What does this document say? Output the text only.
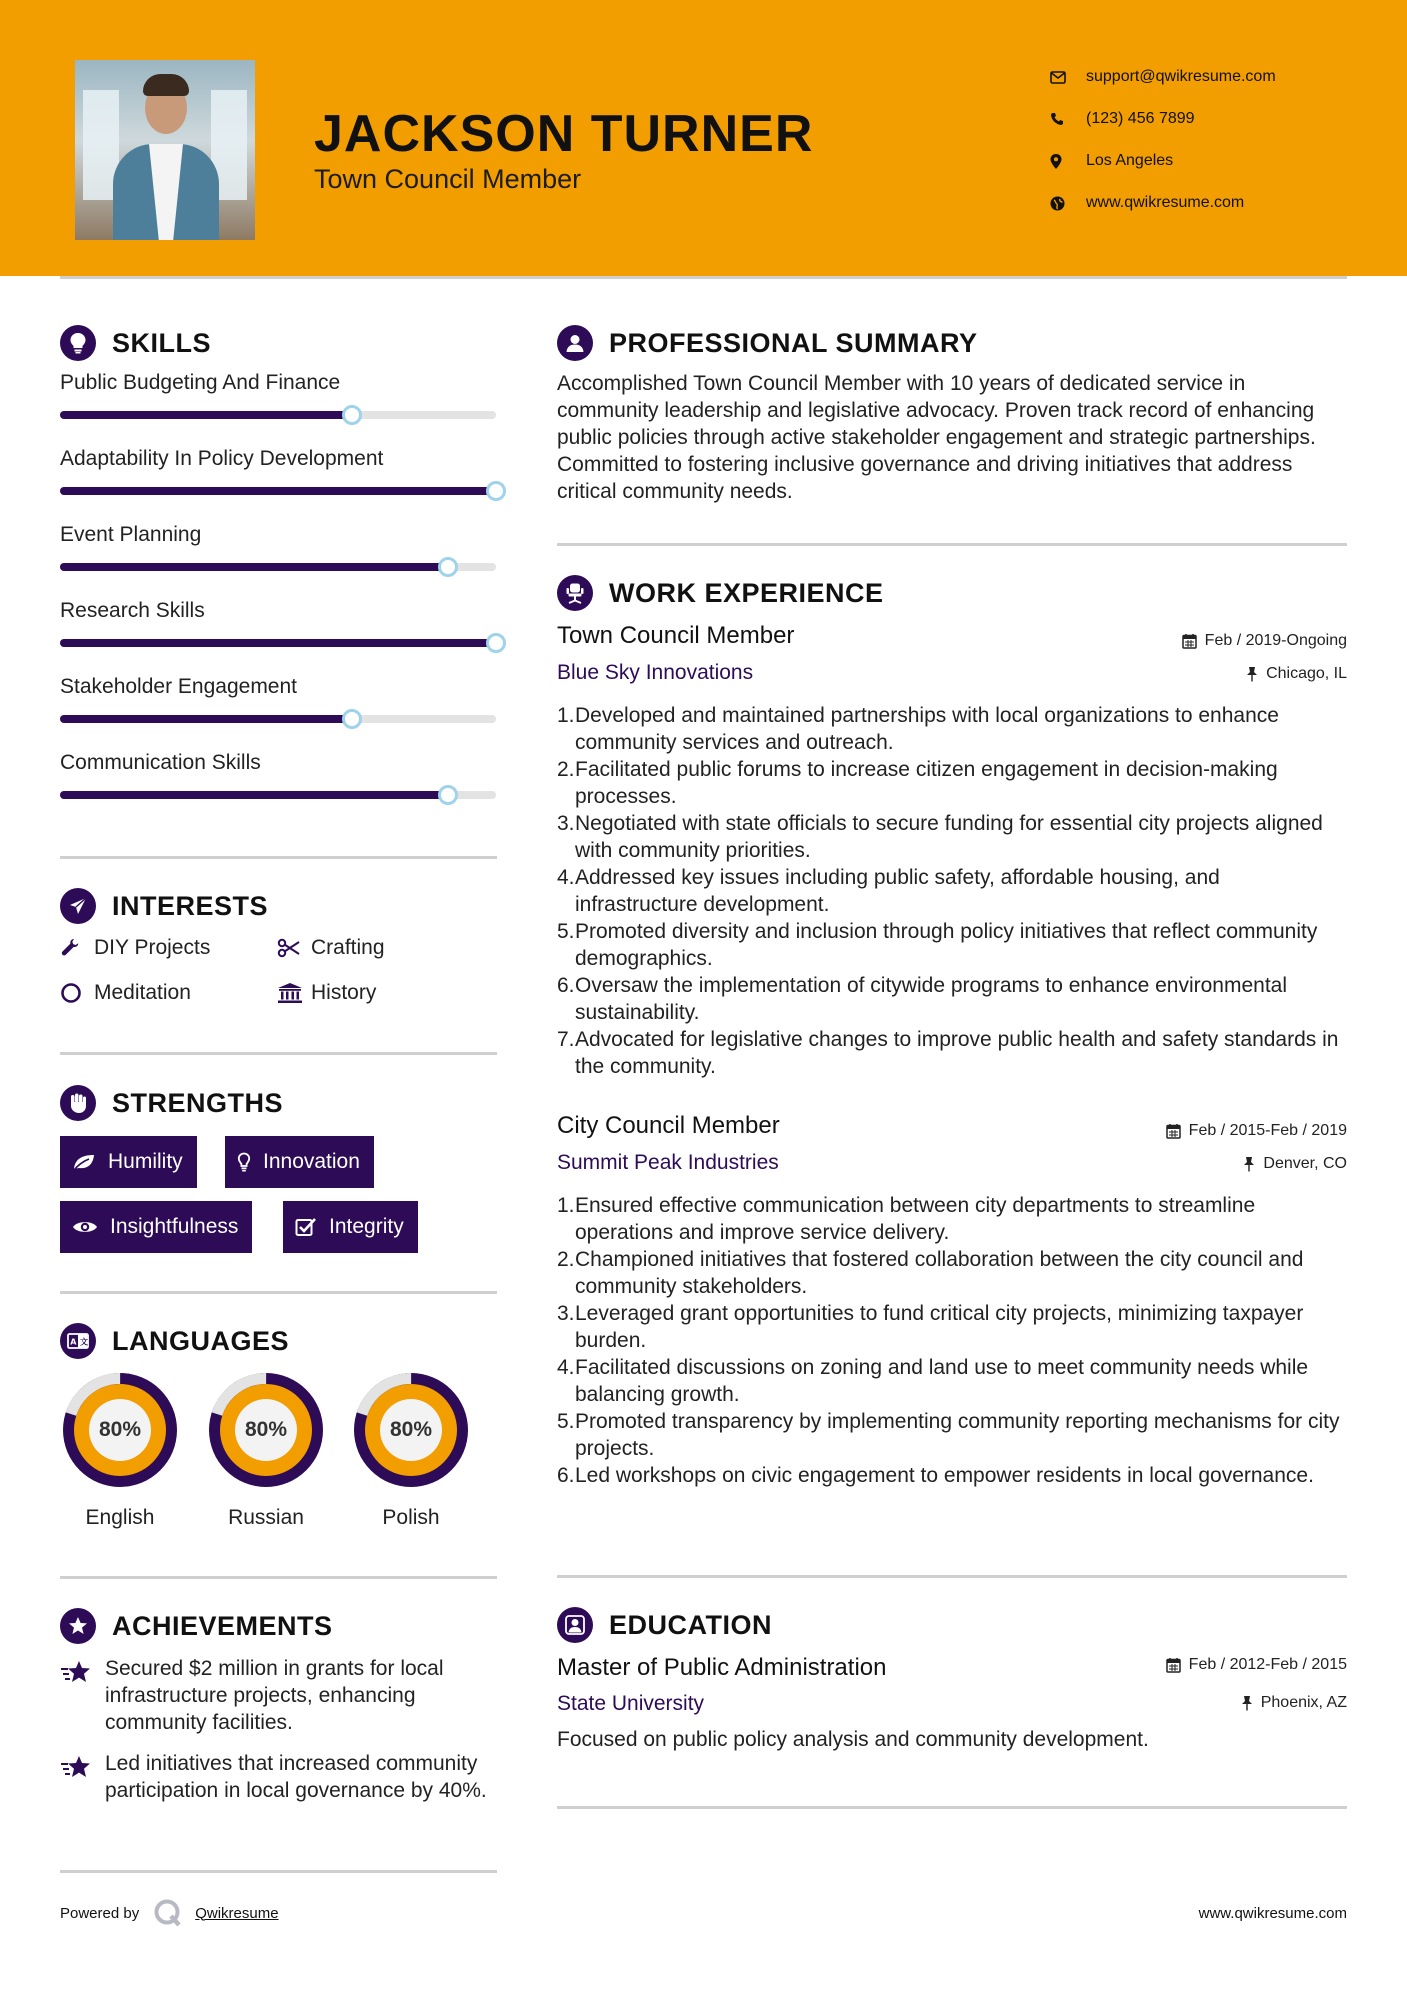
JACKSON TURNER
Town Council Member
support@qwikresume.com
(123) 456 7899
Los Angeles
www.qwikresume.com
SKILLS
Public Budgeting And Finance
Adaptability In Policy Development
Event Planning
Research Skills
Stakeholder Engagement
Communication Skills
INTERESTS
DIY Projects	Crafting
Meditation	History
STRENGTHS
Humility	Innovation
Insightfulness	Integrity
A 文 LANGUAGES
80%
English
80%
Russian
80%
Polish
ACHIEVEMENTS
Secured $2 million in grants for local infrastructure projects, enhancing community facilities.
Led initiatives that increased community participation in local governance by 40%.
PROFESSIONAL SUMMARY
Accomplished Town Council Member with 10 years of dedicated service in community leadership and legislative advocacy. Proven track record of enhancing public policies through active stakeholder engagement and strategic partnerships. Committed to fostering inclusive governance and driving initiatives that address critical community needs.
WORK EXPERIENCE
Town Council Member	Feb / 2019-Ongoing
Blue Sky Innovations	Chicago, IL
1. Developed and maintained partnerships with local organizations to enhance community services and outreach.
2. Facilitated public forums to increase citizen engagement in decision-making processes.
3. Negotiated with state officials to secure funding for essential city projects aligned with community priorities.
4. Addressed key issues including public safety, affordable housing, and infrastructure development.
5. Promoted diversity and inclusion through policy initiatives that reflect community demographics.
6. Oversaw the implementation of citywide programs to enhance environmental sustainability.
7. Advocated for legislative changes to improve public health and safety standards in the community.
City Council Member	Feb / 2015-Feb / 2019
Summit Peak Industries	Denver, CO
1. Ensured effective communication between city departments to streamline operations and improve service delivery.
2. Championed initiatives that fostered collaboration between the city council and community stakeholders.
3. Leveraged grant opportunities to fund critical city projects, minimizing taxpayer burden.
4. Facilitated discussions on zoning and land use to meet community needs while balancing growth.
5. Promoted transparency by implementing community reporting mechanisms for city projects.
6. Led workshops on civic engagement to empower residents in local governance.
EDUCATION
Master of Public Administration	Feb / 2012-Feb / 2015
State University	Phoenix, AZ
Focused on public policy analysis and community development.
Powered by	Qwikresume	www.qwikresume.com
